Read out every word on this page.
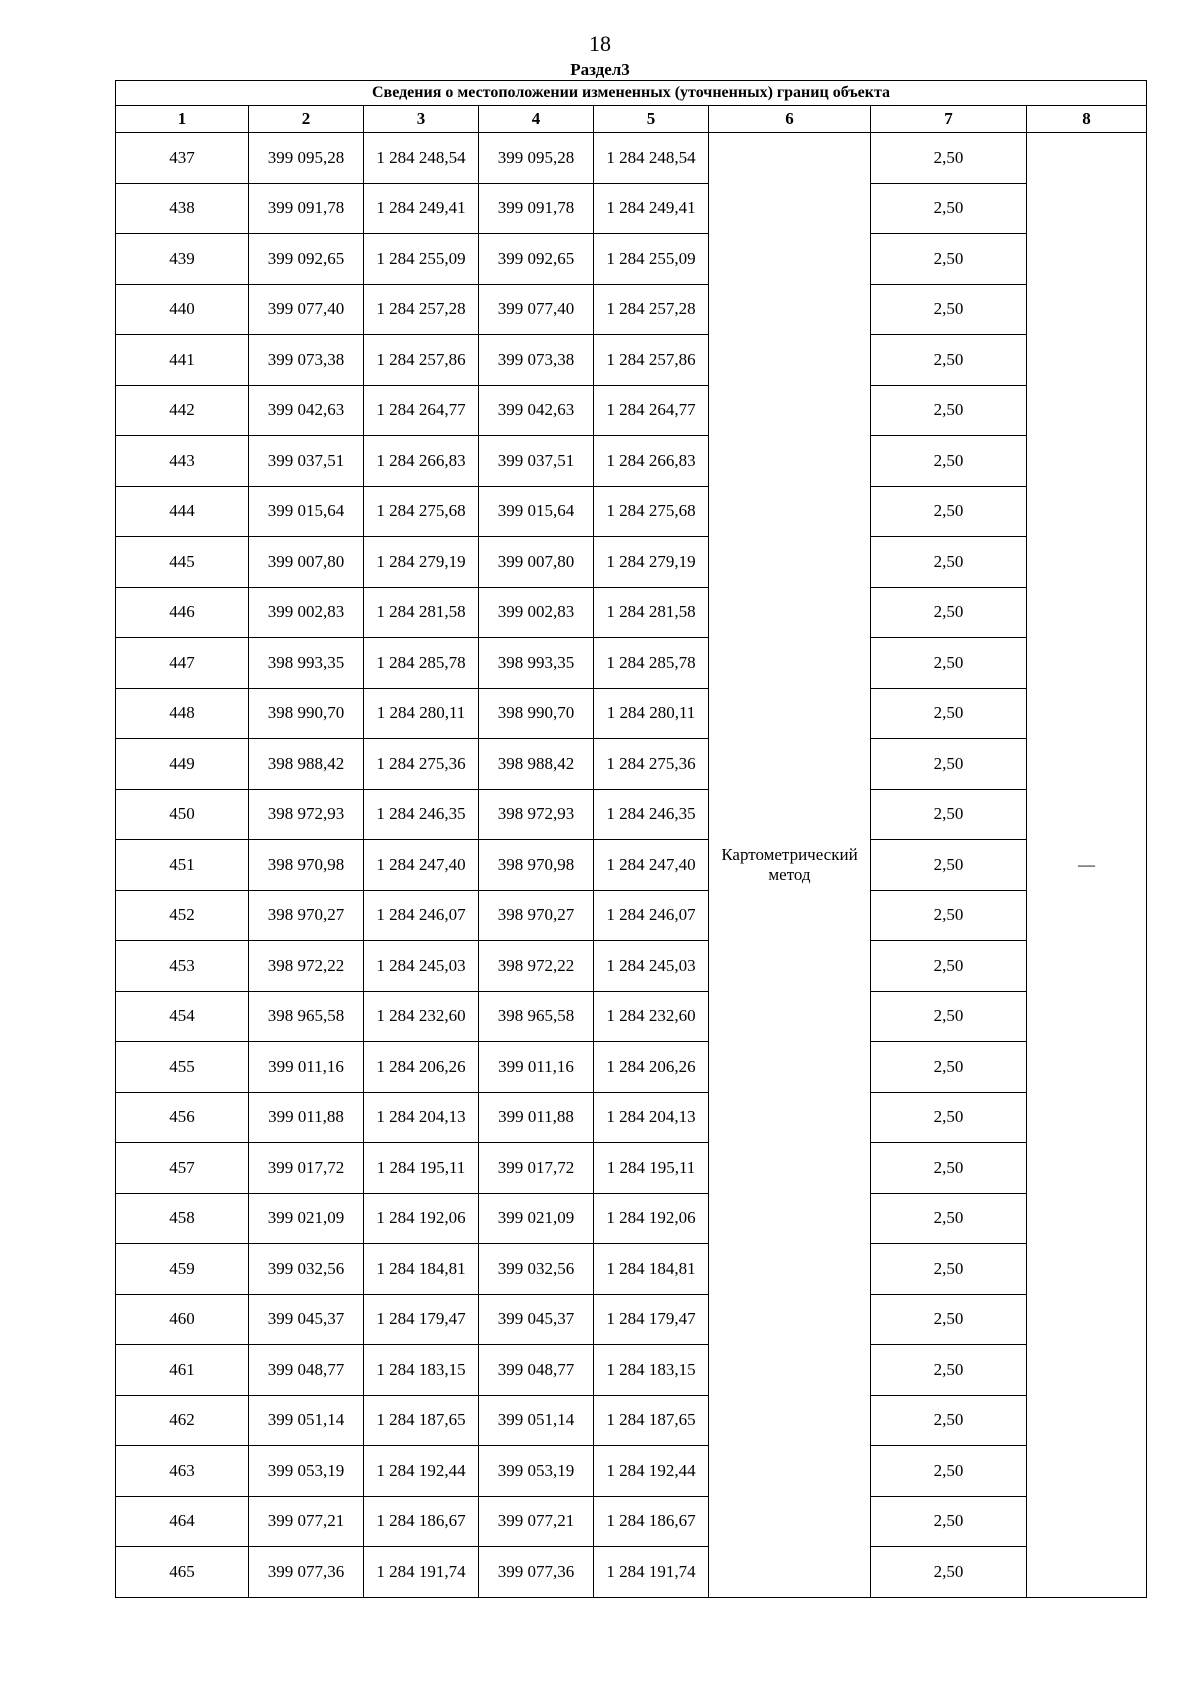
18
Раздел3
Сведения о местоположении измененных (уточненных) границ объекта							
1	2	3	4	5	6	7	8
437	399 095,28	1 284 248,54	399 095,28	1 284 248,54	Картометрический метод	2,50	—
438	399 091,78	1 284 249,41	399 091,78	1 284 249,41		2,50	
439	399 092,65	1 284 255,09	399 092,65	1 284 255,09		2,50	
440	399 077,40	1 284 257,28	399 077,40	1 284 257,28		2,50	
441	399 073,38	1 284 257,86	399 073,38	1 284 257,86		2,50	
442	399 042,63	1 284 264,77	399 042,63	1 284 264,77		2,50	
443	399 037,51	1 284 266,83	399 037,51	1 284 266,83		2,50	
444	399 015,64	1 284 275,68	399 015,64	1 284 275,68		2,50	
445	399 007,80	1 284 279,19	399 007,80	1 284 279,19		2,50	
446	399 002,83	1 284 281,58	399 002,83	1 284 281,58		2,50	
447	398 993,35	1 284 285,78	398 993,35	1 284 285,78		2,50	
448	398 990,70	1 284 280,11	398 990,70	1 284 280,11		2,50	
449	398 988,42	1 284 275,36	398 988,42	1 284 275,36		2,50	
450	398 972,93	1 284 246,35	398 972,93	1 284 246,35		2,50	
451	398 970,98	1 284 247,40	398 970,98	1 284 247,40		2,50	
452	398 970,27	1 284 246,07	398 970,27	1 284 246,07		2,50	
453	398 972,22	1 284 245,03	398 972,22	1 284 245,03		2,50	
454	398 965,58	1 284 232,60	398 965,58	1 284 232,60		2,50	
455	399 011,16	1 284 206,26	399 011,16	1 284 206,26		2,50	
456	399 011,88	1 284 204,13	399 011,88	1 284 204,13		2,50	
457	399 017,72	1 284 195,11	399 017,72	1 284 195,11		2,50	
458	399 021,09	1 284 192,06	399 021,09	1 284 192,06		2,50	
459	399 032,56	1 284 184,81	399 032,56	1 284 184,81		2,50	
460	399 045,37	1 284 179,47	399 045,37	1 284 179,47		2,50	
461	399 048,77	1 284 183,15	399 048,77	1 284 183,15		2,50	
462	399 051,14	1 284 187,65	399 051,14	1 284 187,65		2,50	
463	399 053,19	1 284 192,44	399 053,19	1 284 192,44		2,50	
464	399 077,21	1 284 186,67	399 077,21	1 284 186,67		2,50	
465	399 077,36	1 284 191,74	399 077,36	1 284 191,74		2,50	
